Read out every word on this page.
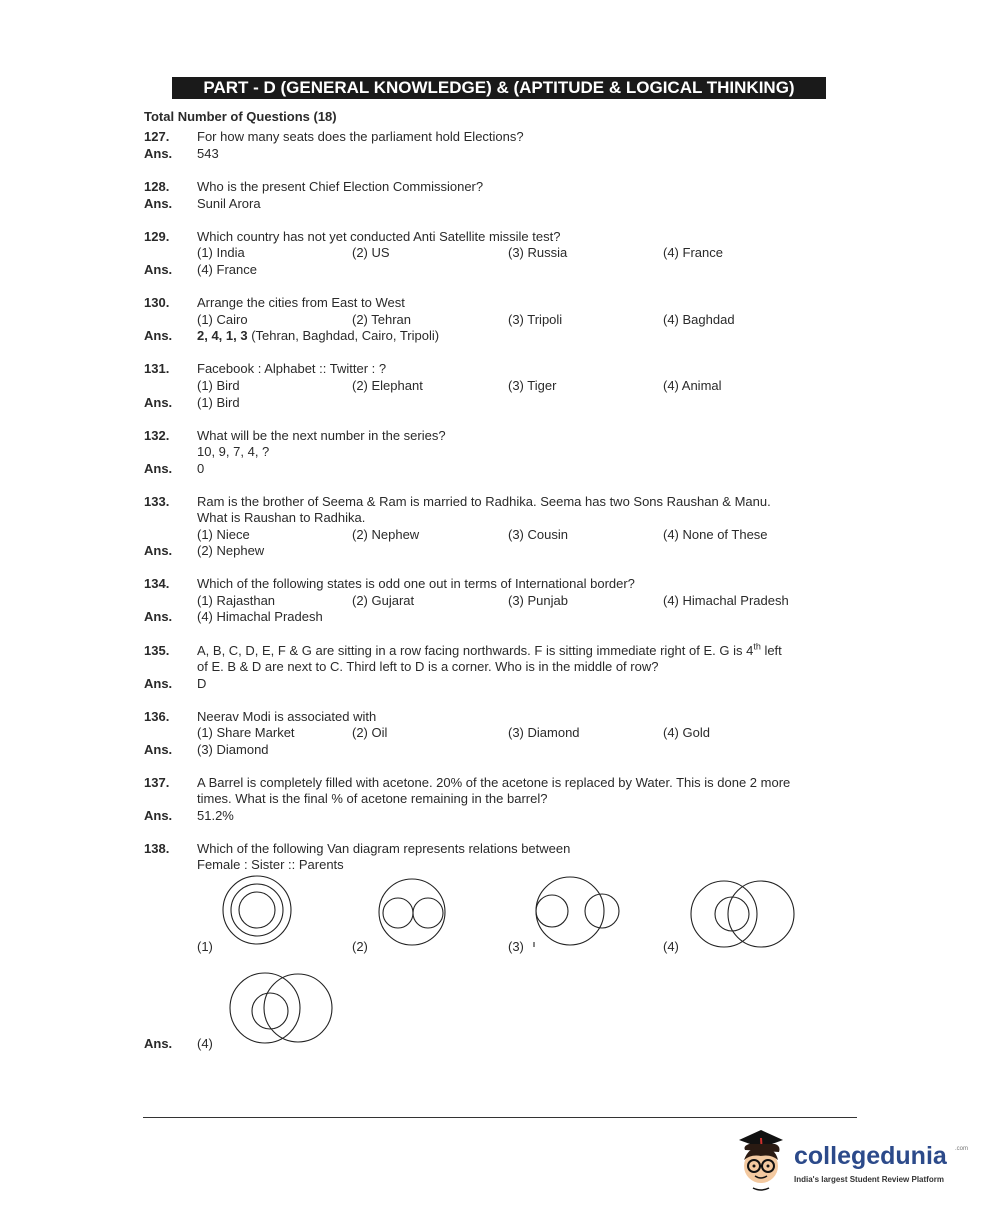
PART - D (GENERAL KNOWLEDGE) & (APTITUDE & LOGICAL THINKING)
Total Number of Questions (18)
127.	For how many seats does the parliament hold Elections?
Ans.	543
128.	Who is the present Chief Election Commissioner?
Ans.	Sunil Arora
129.	Which country has not yet conducted Anti Satellite missile test?
(1) India	(2) US	(3) Russia	(4) France
Ans.	(4) France
130.	Arrange the cities from East to West
(1) Cairo	(2) Tehran	(3) Tripoli	(4) Baghdad
Ans.	2, 4, 1, 3 (Tehran, Baghdad, Cairo, Tripoli)
131.	Facebook : Alphabet :: Twitter : ?
(1) Bird	(2) Elephant	(3) Tiger	(4) Animal
Ans.	(1) Bird
132.	What will be the next number in the series?
10, 9, 7, 4, ?
Ans.	0
133.	Ram is the brother of Seema & Ram is married to Radhika. Seema has two Sons Raushan & Manu.
What is Raushan to Radhika.
(1) Niece	(2) Nephew	(3) Cousin	(4) None of These
Ans.	(2) Nephew
134.	Which of the following states is odd one out in terms of International border?
(1) Rajasthan	(2) Gujarat	(3) Punjab	(4) Himachal Pradesh
Ans.	(4) Himachal Pradesh
135.	A, B, C, D, E, F & G are sitting in a row facing northwards. F is sitting immediate right of E. G is 4th left
of E. B & D are next to C. Third left to D is a corner. Who is in the middle of row?
Ans.	D
136.	Neerav Modi is associated with
(1) Share Market	(2) Oil	(3) Diamond	(4) Gold
Ans.	(3) Diamond
137.	A Barrel is completely filled with acetone. 20% of the acetone is replaced by Water. This is done 2 more
times. What is the final % of acetone remaining in the barrel?
Ans.	51.2%
138.	Which of the following Van diagram represents relations between
Female : Sister :: Parents
(1)	(2)	(3)	(4)
Ans.	(4)
collegedunia .com
India's largest Student Review Platform
